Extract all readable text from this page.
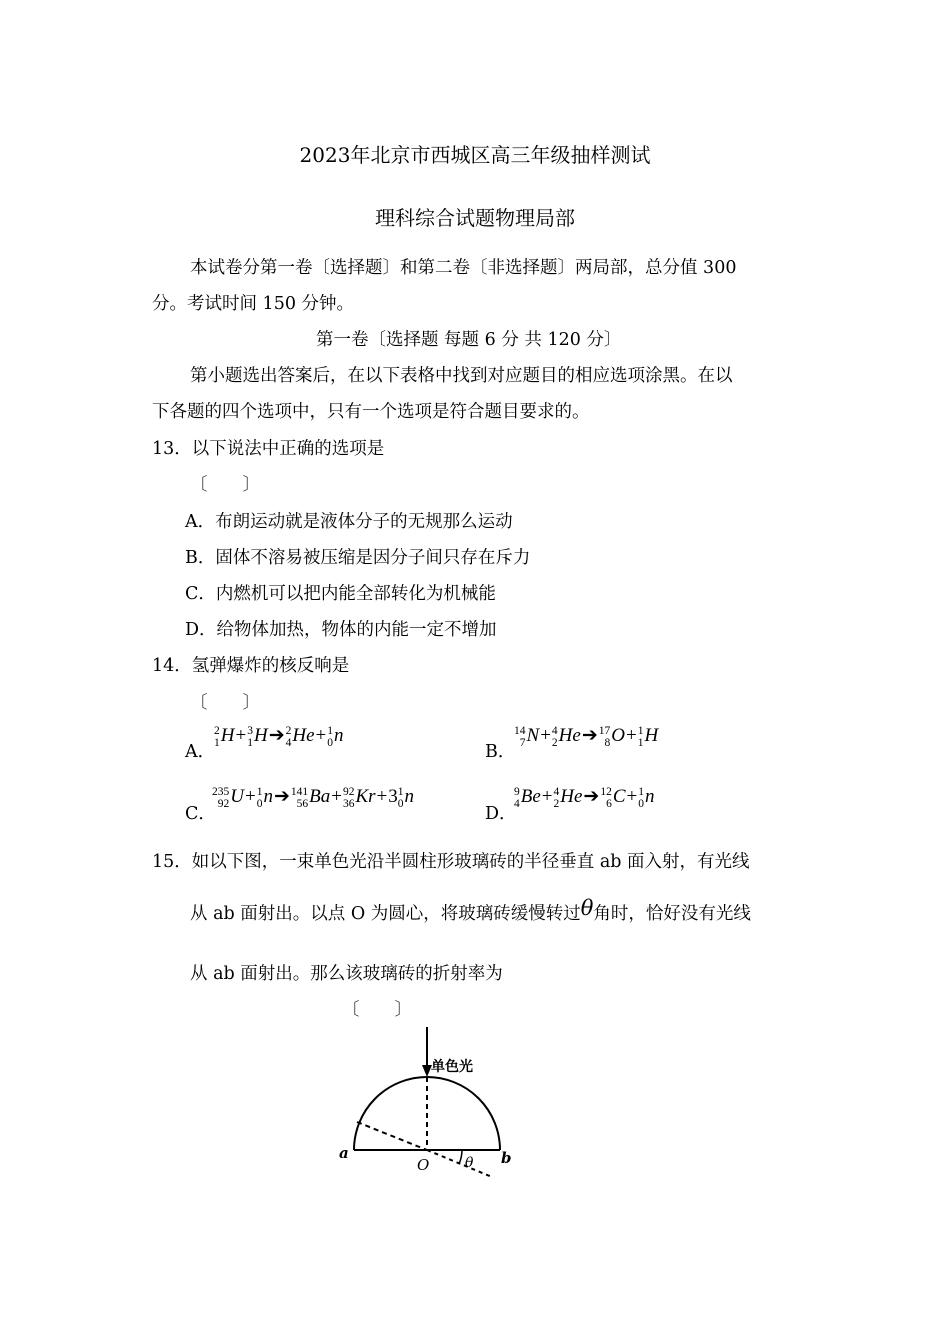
2023年北京市西城区高三年级抽样测试
理科综合试题物理局部
本试卷分第一卷〔选择题〕和第二卷〔非选择题〕两局部，总分值 300
分。考试时间 150 分钟。
第一卷〔选择题 每题 6 分 共 120 分〕
第小题选出答案后，在以下表格中找到对应题目的相应选项涂黑。在以
下各题的四个选项中，只有一个选项是符合题目要求的。
13．以下说法中正确的选项是
〔　　〕
A．布朗运动就是液体分子的无规那么运动
B．固体不溶易被压缩是因分子间只存在斥力
C．内燃机可以把内能全部转化为机械能
D．给物体加热，物体的内能一定不增加
14．氢弹爆炸的核反响是
〔　　〕
A．
2
1 H+ 3
1 H➔ 2
4 He+ 1
0 n
B．
14
7 N+ 4
2 He➔ 17
8 O+ 1
1 H
C．
235
92 U+ 1
0 n➔ 141
56 Ba+ 92
36 Kr+3 1
0 n
D．
9
4 Be+ 4
2 He➔ 12
6 C+ 1
0 n
15．如以下图，一束单色光沿半圆柱形玻璃砖的半径垂直 ab 面入射，有光线
从 ab 面射出。以点 O 为圆心，将玻璃砖缓慢转过θ角时，恰好没有光线
从 ab 面射出。那么该玻璃砖的折射率为
〔　　〕
单色光
a	b
O	θ
